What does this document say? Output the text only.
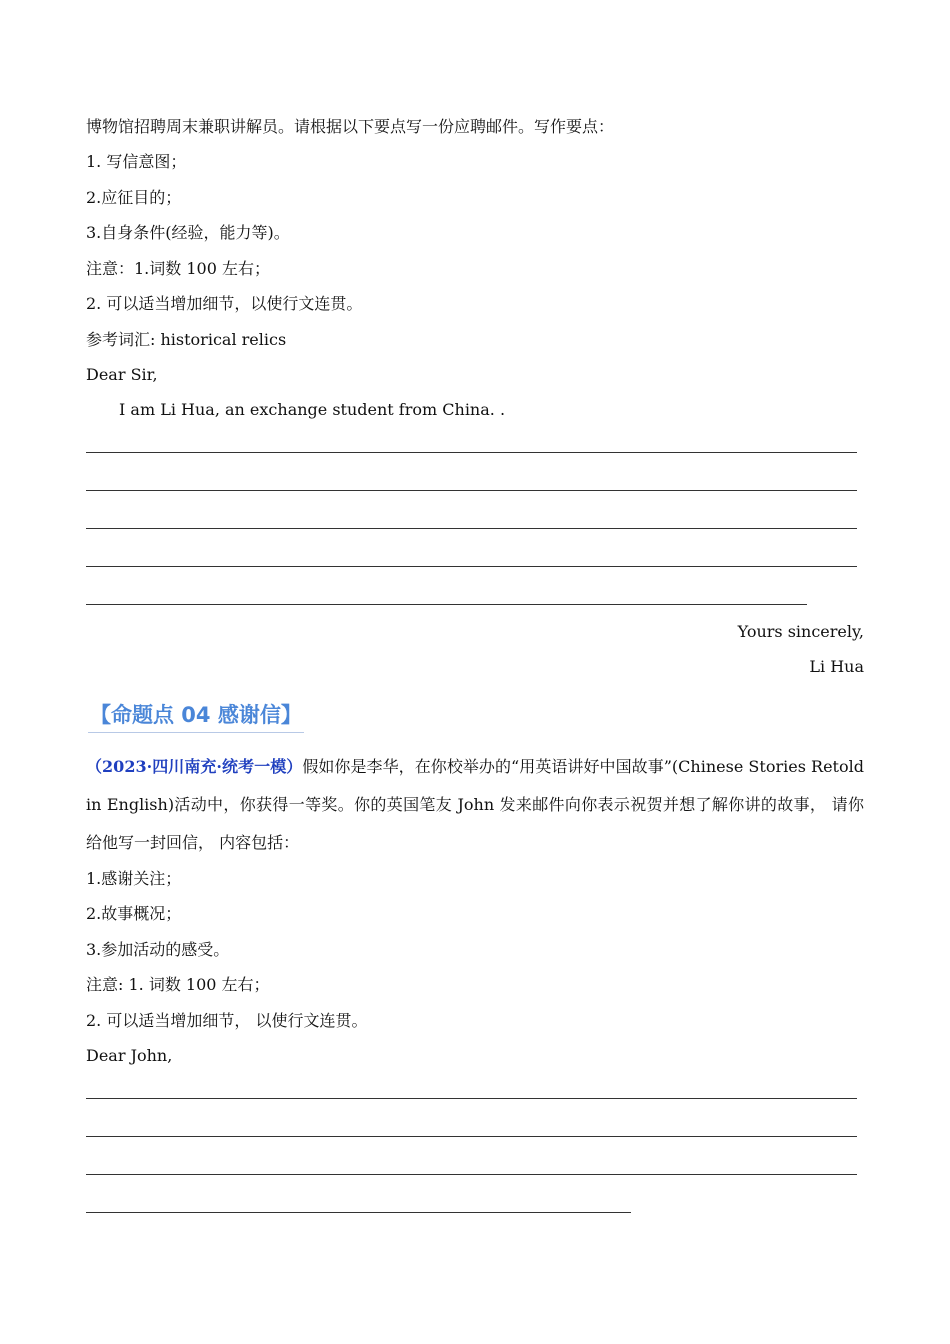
博物馆招聘周末兼职讲解员。请根据以下要点写一份应聘邮件。写作要点：

1. 写信意图；

2.应征目的；

3.自身条件(经验，能力等)。

注意：1.词数 100 左右；

2. 可以适当增加细节，以使行文连贯。

参考词汇: historical relics

Dear Sir,

I am Li Hua, an exchange student from China. .

Yours sincerely,
Li Hua
【命题点 04 感谢信】

（2023·四川南充·统考一模）假如你是李华，在你校举办的“用英语讲好中国故事”(Chinese Stories Retold in English)活动中，你获得一等奖。你的英国笔友 John 发来邮件向你表示祝贺并想了解你讲的故事， 请你给他写一封回信， 内容包括：

1.感谢关注；

2.故事概况；

3.参加活动的感受。

注意: 1. 词数 100 左右；

2. 可以适当增加细节， 以使行文连贯。

Dear John,
